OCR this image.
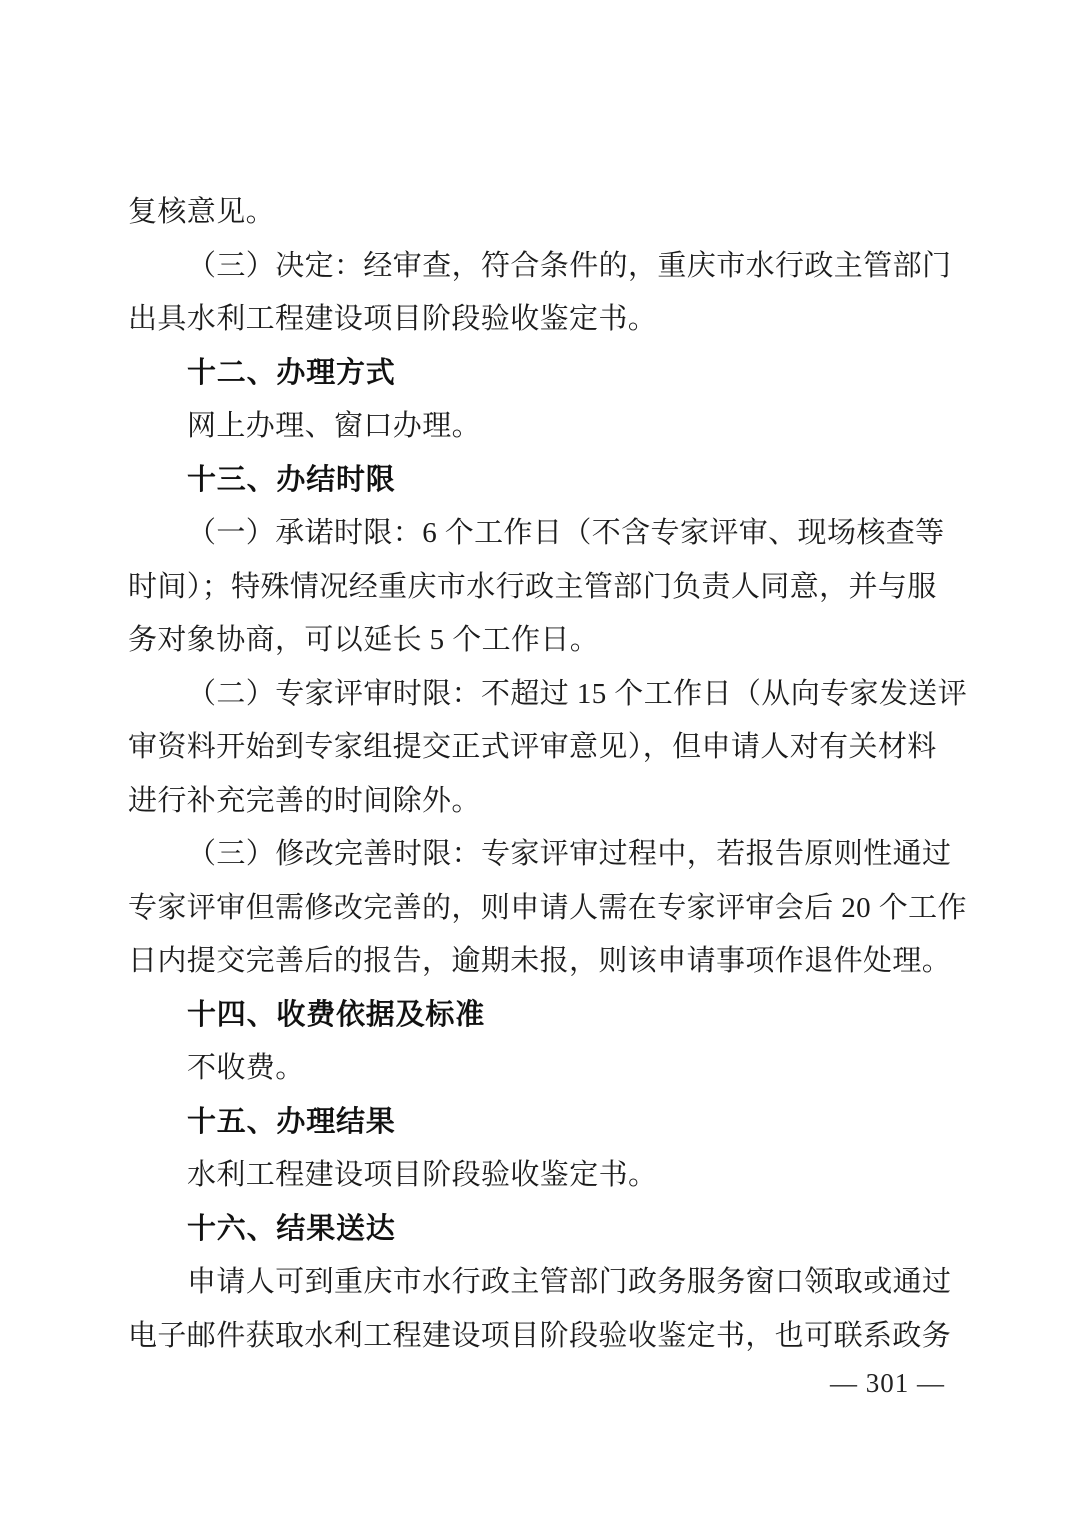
复核意见。
（三）决定：经审查，符合条件的，重庆市水行政主管部门
出具水利工程建设项目阶段验收鉴定书。
十二、办理方式
网上办理、窗口办理。
十三、办结时限
（一）承诺时限：6 个工作日（不含专家评审、现场核查等
时间）；特殊情况经重庆市水行政主管部门负责人同意，并与服
务对象协商，可以延长 5 个工作日。
（二）专家评审时限：不超过 15 个工作日（从向专家发送评
审资料开始到专家组提交正式评审意见），但申请人对有关材料
进行补充完善的时间除外。
（三）修改完善时限：专家评审过程中，若报告原则性通过
专家评审但需修改完善的，则申请人需在专家评审会后 20 个工作
日内提交完善后的报告，逾期未报，则该申请事项作退件处理。
十四、收费依据及标准
不收费。
十五、办理结果
水利工程建设项目阶段验收鉴定书。
十六、结果送达
申请人可到重庆市水行政主管部门政务服务窗口领取或通过
电子邮件获取水利工程建设项目阶段验收鉴定书，也可联系政务
— 301 —
